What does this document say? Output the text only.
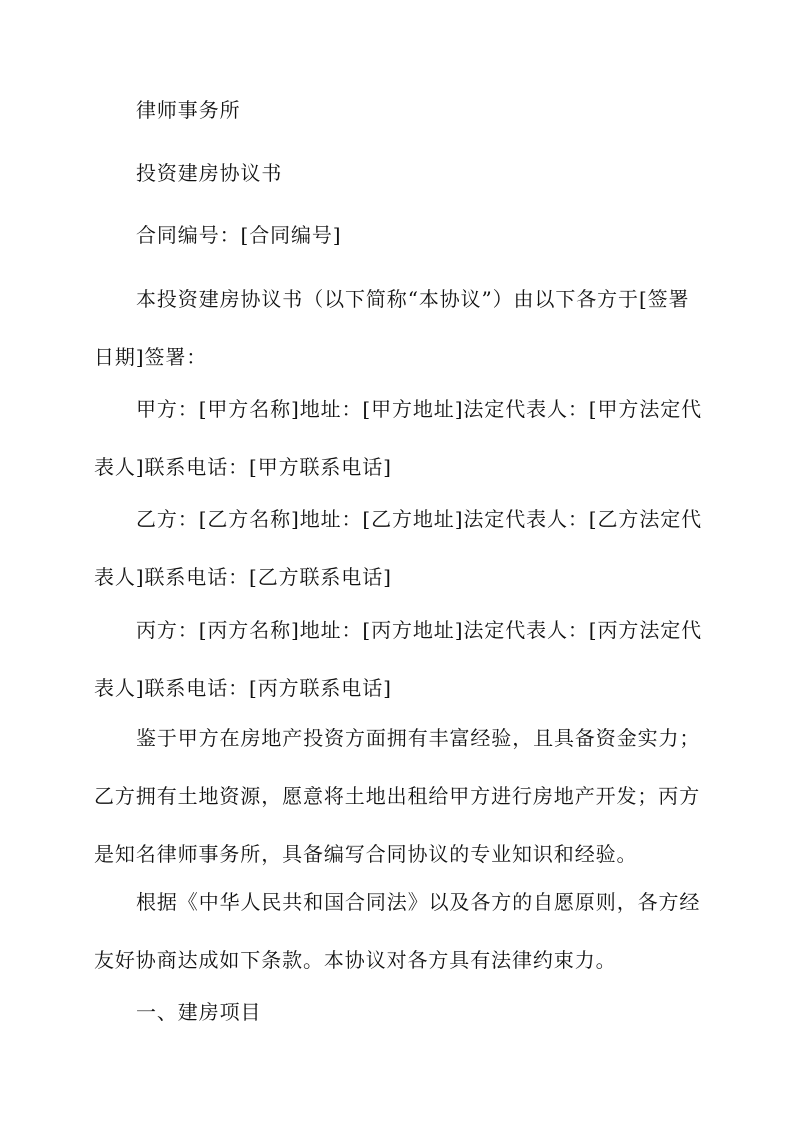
律师事务所

投资建房协议书

合同编号：[合同编号]

本投资建房协议书（以下简称“本协议”）由以下各方于[签署日期]签署：

甲方：[甲方名称]地址：[甲方地址]法定代表人：[甲方法定代表人]联系电话：[甲方联系电话]

乙方：[乙方名称]地址：[乙方地址]法定代表人：[乙方法定代表人]联系电话：[乙方联系电话]

丙方：[丙方名称]地址：[丙方地址]法定代表人：[丙方法定代表人]联系电话：[丙方联系电话]

鉴于甲方在房地产投资方面拥有丰富经验，且具备资金实力；乙方拥有土地资源，愿意将土地出租给甲方进行房地产开发；丙方是知名律师事务所，具备编写合同协议的专业知识和经验。

根据《中华人民共和国合同法》以及各方的自愿原则，各方经友好协商达成如下条款。本协议对各方具有法律约束力。

一、建房项目
